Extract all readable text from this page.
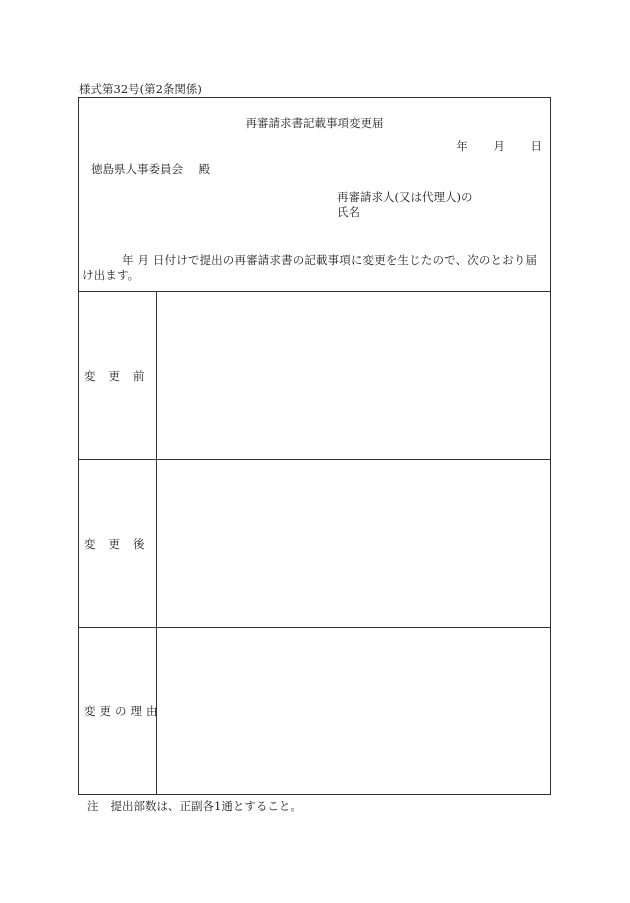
様式第32号(第2条関係)
再審請求書記載事項変更届
年 月 日
徳島県人事委員会 殿
再審請求人(又は代理人)の
氏名
年 月 日付けで提出の再審請求書の記載事項に変更を生じたので、次のとおり届け出ます。
変更前
変更後
変更の理由
注 提出部数は、正副各1通とすること。
